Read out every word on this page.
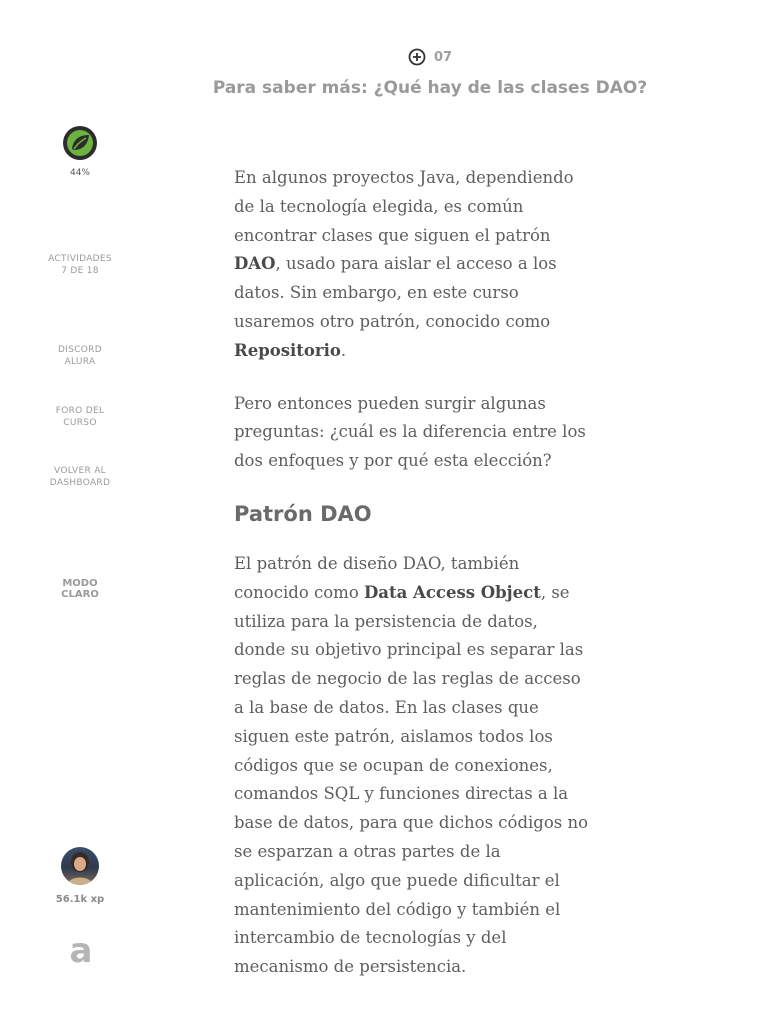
44%
ACTIVIDADES
7 DE 18
DISCORD
ALURA
FORO DEL
CURSO
VOLVER AL
DASHBOARD
MODO
CLARO
56.1k xp
a
07
Para saber más: ¿Qué hay de las clases DAO?

En algunos proyectos Java, dependiendo de la tecnología elegida, es común encontrar clases que siguen el patrón DAO, usado para aislar el acceso a los datos. Sin embargo, en este curso usaremos otro patrón, conocido como Repositorio.

Pero entonces pueden surgir algunas preguntas: ¿cuál es la diferencia entre los dos enfoques y por qué esta elección?

Patrón DAO

El patrón de diseño DAO, también conocido como Data Access Object, se utiliza para la persistencia de datos, donde su objetivo principal es separar las reglas de negocio de las reglas de acceso a la base de datos. En las clases que siguen este patrón, aislamos todos los códigos que se ocupan de conexiones, comandos SQL y funciones directas a la base de datos, para que dichos códigos no se esparzan a otras partes de la aplicación, algo que puede dificultar el mantenimiento del código y también el intercambio de tecnologías y del mecanismo de persistencia.
